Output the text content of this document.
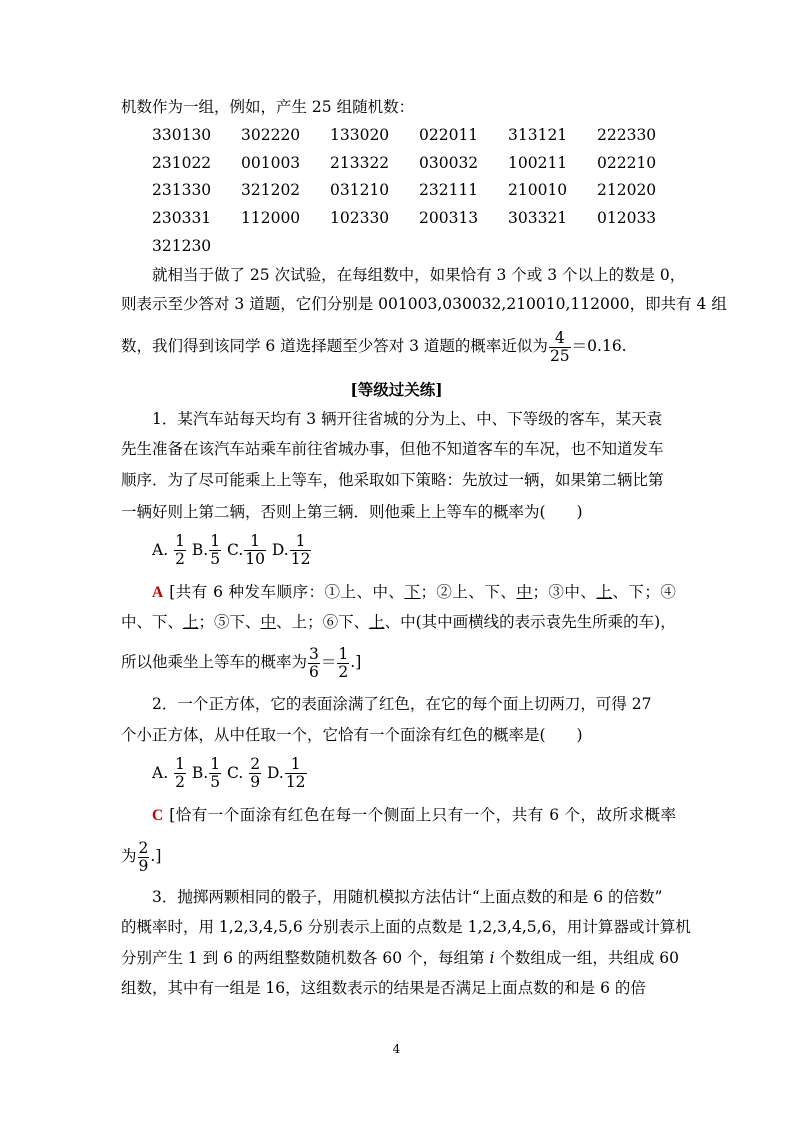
机数作为一组，例如，产生 25 组随机数：
330130 302220 133020 022011 313121 222330
231022 001003 213322 030032 100211 022210
231330 321202 031210 232111 210010 212020
230331 112000 102330 200313 303321 012033
321230
就相当于做了 25 次试验，在每组数中，如果恰有 3 个或 3 个以上的数是 0，
则表示至少答对 3 道题，它们分别是 001003,030032,210010,112000，即共有 4 组
数，我们得到该同学 6 道选择题至少答对 3 道题的概率近似为 $\frac{4}{25} =0.16$.
[等级过关练]
1．某汽车站每天均有 3 辆开往省城的分为上、中、下等级的客车，某天袁
先生准备在该汽车站乘车前往省城办事，但他不知道客车的车况，也不知道发车
顺序．为了尽可能乘上上等车，他采取如下策略：先放过一辆，如果第二辆比第
一辆好则上第二辆，否则上第三辆．则他乘上上等车的概率为(　　)
A. $\frac{1}{2} B$. $\frac{1}{5} C$. $\frac{1}{10} D$. $\frac{1}{12}$
A [共有 6 种发车顺序：①上、中、下；②上、下、中；③中、上、下；④
中、下、上；⑤下、中、上；⑥下、上、中(其中画横线的表示袁先生所乘的车)，
所以他乘坐上等车的概率为 $\frac{3}{6} = \frac{1}{2}$ .]
2．一个正方体，它的表面涂满了红色，在它的每个面上切两刀，可得 27
个小正方体，从中任取一个，它恰有一个面涂有红色的概率是(　　)
A. $\frac{1}{2} B$. $\frac{1}{5} C$. $\frac{2}{9} D$. $\frac{1}{12}$
C [恰有一个面涂有红色在每一个侧面上只有一个，共有 6 个，故所求概率
为 $\frac{2}{9}$ .]
3．抛掷两颗相同的骰子，用随机模拟方法估计“上面点数的和是 6 的倍数”
的概率时，用 1,2,3,4,5,6 分别表示上面的点数是 1,2,3,4,5,6，用计算器或计算机
分别产生 1 到 6 的两组整数随机数各 60 个，每组第 i 个数组成一组，共组成 60
组数，其中有一组是 16，这组数表示的结果是否满足上面点数的和是 6 的倍
4
